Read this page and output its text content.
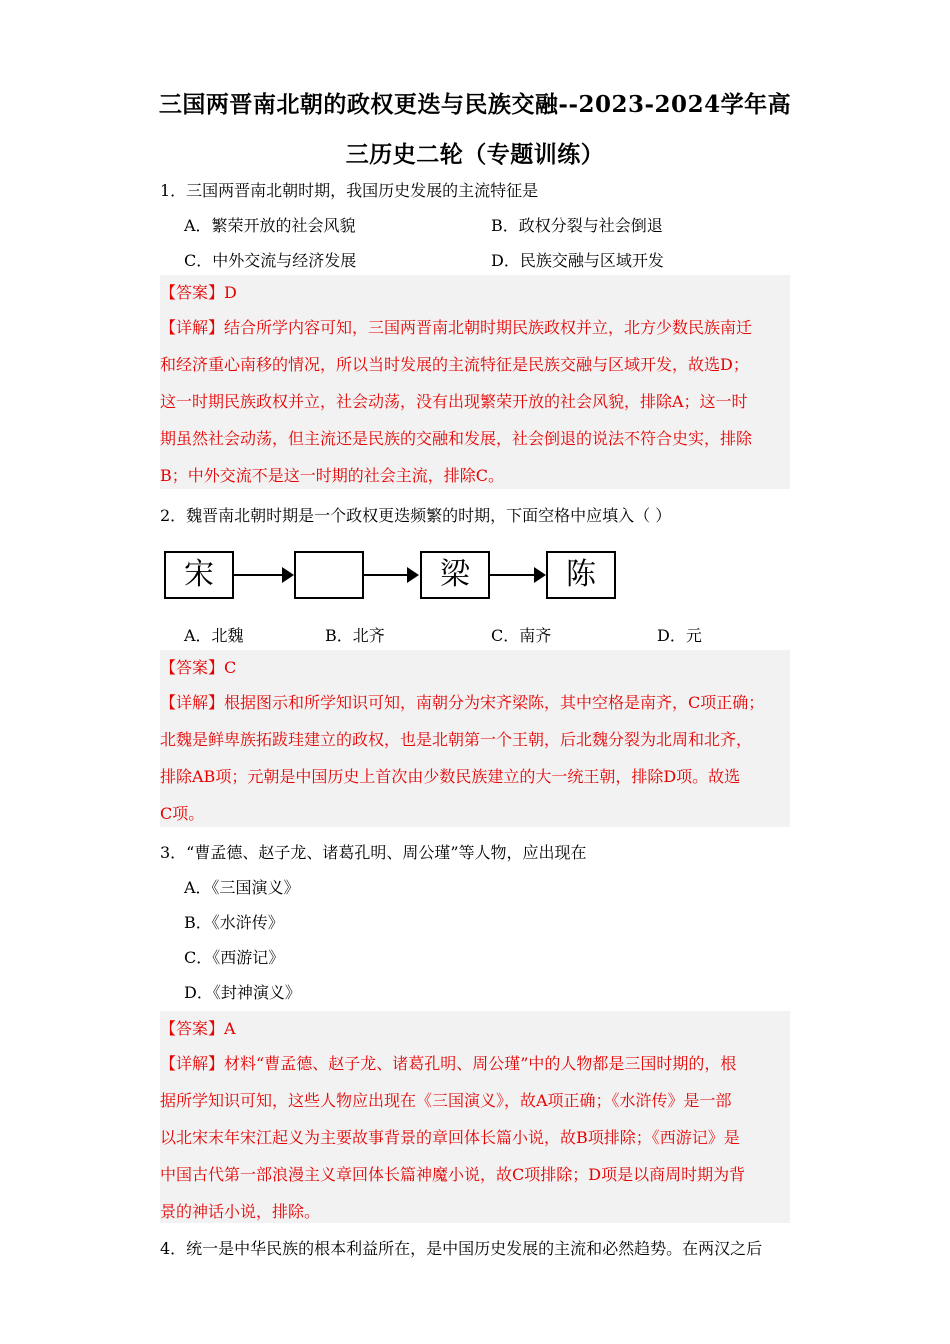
三国两晋南北朝的政权更迭与民族交融--2023-2024学年高
三历史二轮（专题训练）
1．三国两晋南北朝时期，我国历史发展的主流特征是
A．繁荣开放的社会风貌	B．政权分裂与社会倒退
C．中外交流与经济发展	D．民族交融与区域开发
【答案】D
【详解】结合所学内容可知，三国两晋南北朝时期民族政权并立，北方少数民族南迁
和经济重心南移的情况，所以当时发展的主流特征是民族交融与区域开发，故选D；
这一时期民族政权并立，社会动荡，没有出现繁荣开放的社会风貌，排除A；这一时
期虽然社会动荡，但主流还是民族的交融和发展，社会倒退的说法不符合史实，排除
B；中外交流不是这一时期的社会主流，排除C。
2．魏晋南北朝时期是一个政权更迭频繁的时期，下面空格中应填入（ ）
宋	梁	陈
A．北魏	B．北齐	C．南齐	D．元
【答案】C
【详解】根据图示和所学知识可知，南朝分为宋齐梁陈，其中空格是南齐，C项正确；
北魏是鲜卑族拓跋珪建立的政权，也是北朝第一个王朝，后北魏分裂为北周和北齐，
排除AB项；元朝是中国历史上首次由少数民族建立的大一统王朝，排除D项。故选
C项。
3．“曹孟德、赵子龙、诸葛孔明、周公瑾”等人物，应出现在
A．《三国演义》
B．《水浒传》
C．《西游记》
D．《封神演义》
【答案】A
【详解】材料“曹孟德、赵子龙、诸葛孔明、周公瑾”中的人物都是三国时期的，根
据所学知识可知，这些人物应出现在《三国演义》，故A项正确；《水浒传》是一部
以北宋末年宋江起义为主要故事背景的章回体长篇小说，故B项排除；《西游记》是
中国古代第一部浪漫主义章回体长篇神魔小说，故C项排除；D项是以商周时期为背
景的神话小说，排除。
4．统一是中华民族的根本利益所在，是中国历史发展的主流和必然趋势。在两汉之后
